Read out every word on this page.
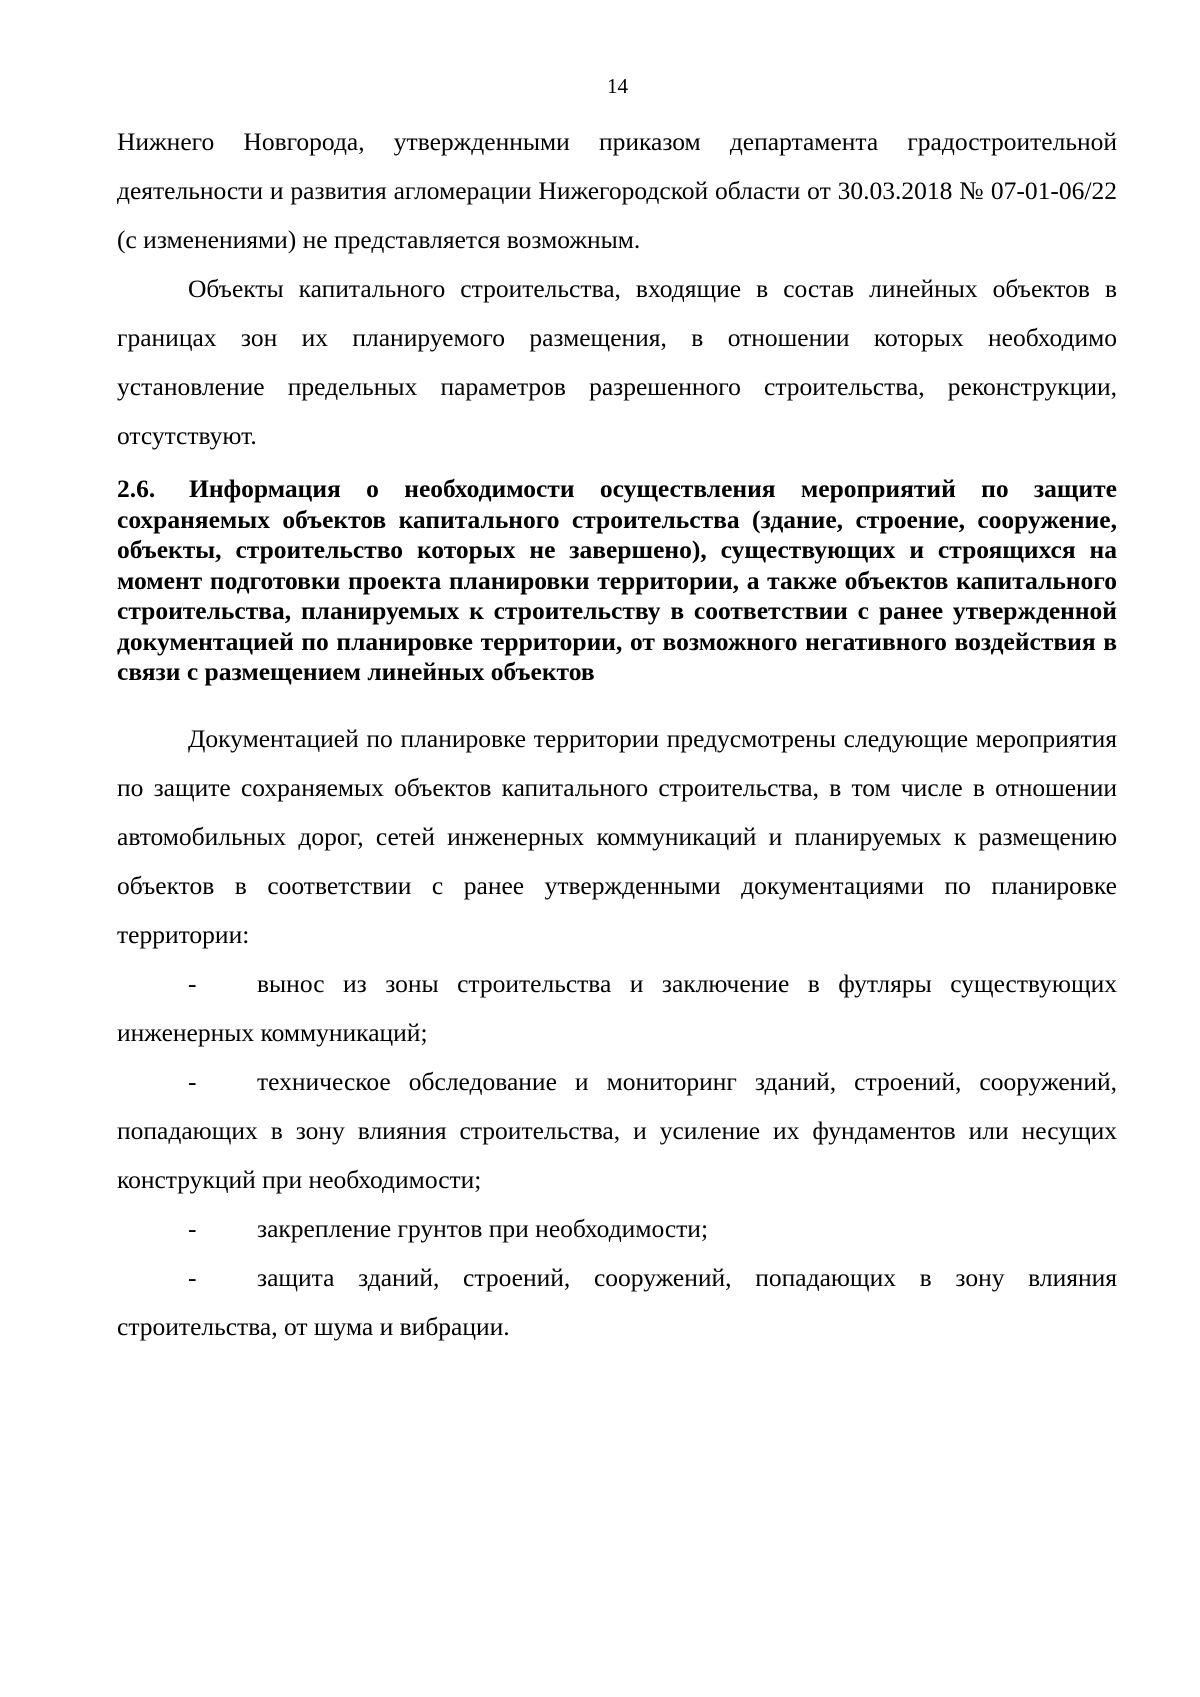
14

Нижнего Новгорода, утвержденными приказом департамента градостроительной деятельности и развития агломерации Нижегородской области от 30.03.2018 № 07-01-06/22 (с изменениями) не представляется возможным.

Объекты капитального строительства, входящие в состав линейных объектов в границах зон их планируемого размещения, в отношении которых необходимо установление предельных параметров разрешенного строительства, реконструкции, отсутствуют.

2.6. Информация о необходимости осуществления мероприятий по защите сохраняемых объектов капитального строительства (здание, строение, сооружение, объекты, строительство которых не завершено), существующих и строящихся на момент подготовки проекта планировки территории, а также объектов капитального строительства, планируемых к строительству в соответствии с ранее утвержденной документацией по планировке территории, от возможного негативного воздействия в связи с размещением линейных объектов

Документацией по планировке территории предусмотрены следующие мероприятия по защите сохраняемых объектов капитального строительства, в том числе в отношении автомобильных дорог, сетей инженерных коммуникаций и планируемых к размещению объектов в соответствии с ранее утвержденными документациями по планировке территории:

- вынос из зоны строительства и заключение в футляры существующих инженерных коммуникаций;

- техническое обследование и мониторинг зданий, строений, сооружений, попадающих в зону влияния строительства, и усиление их фундаментов или несущих конструкций при необходимости;

- закрепление грунтов при необходимости;

- защита зданий, строений, сооружений, попадающих в зону влияния строительства, от шума и вибрации.
